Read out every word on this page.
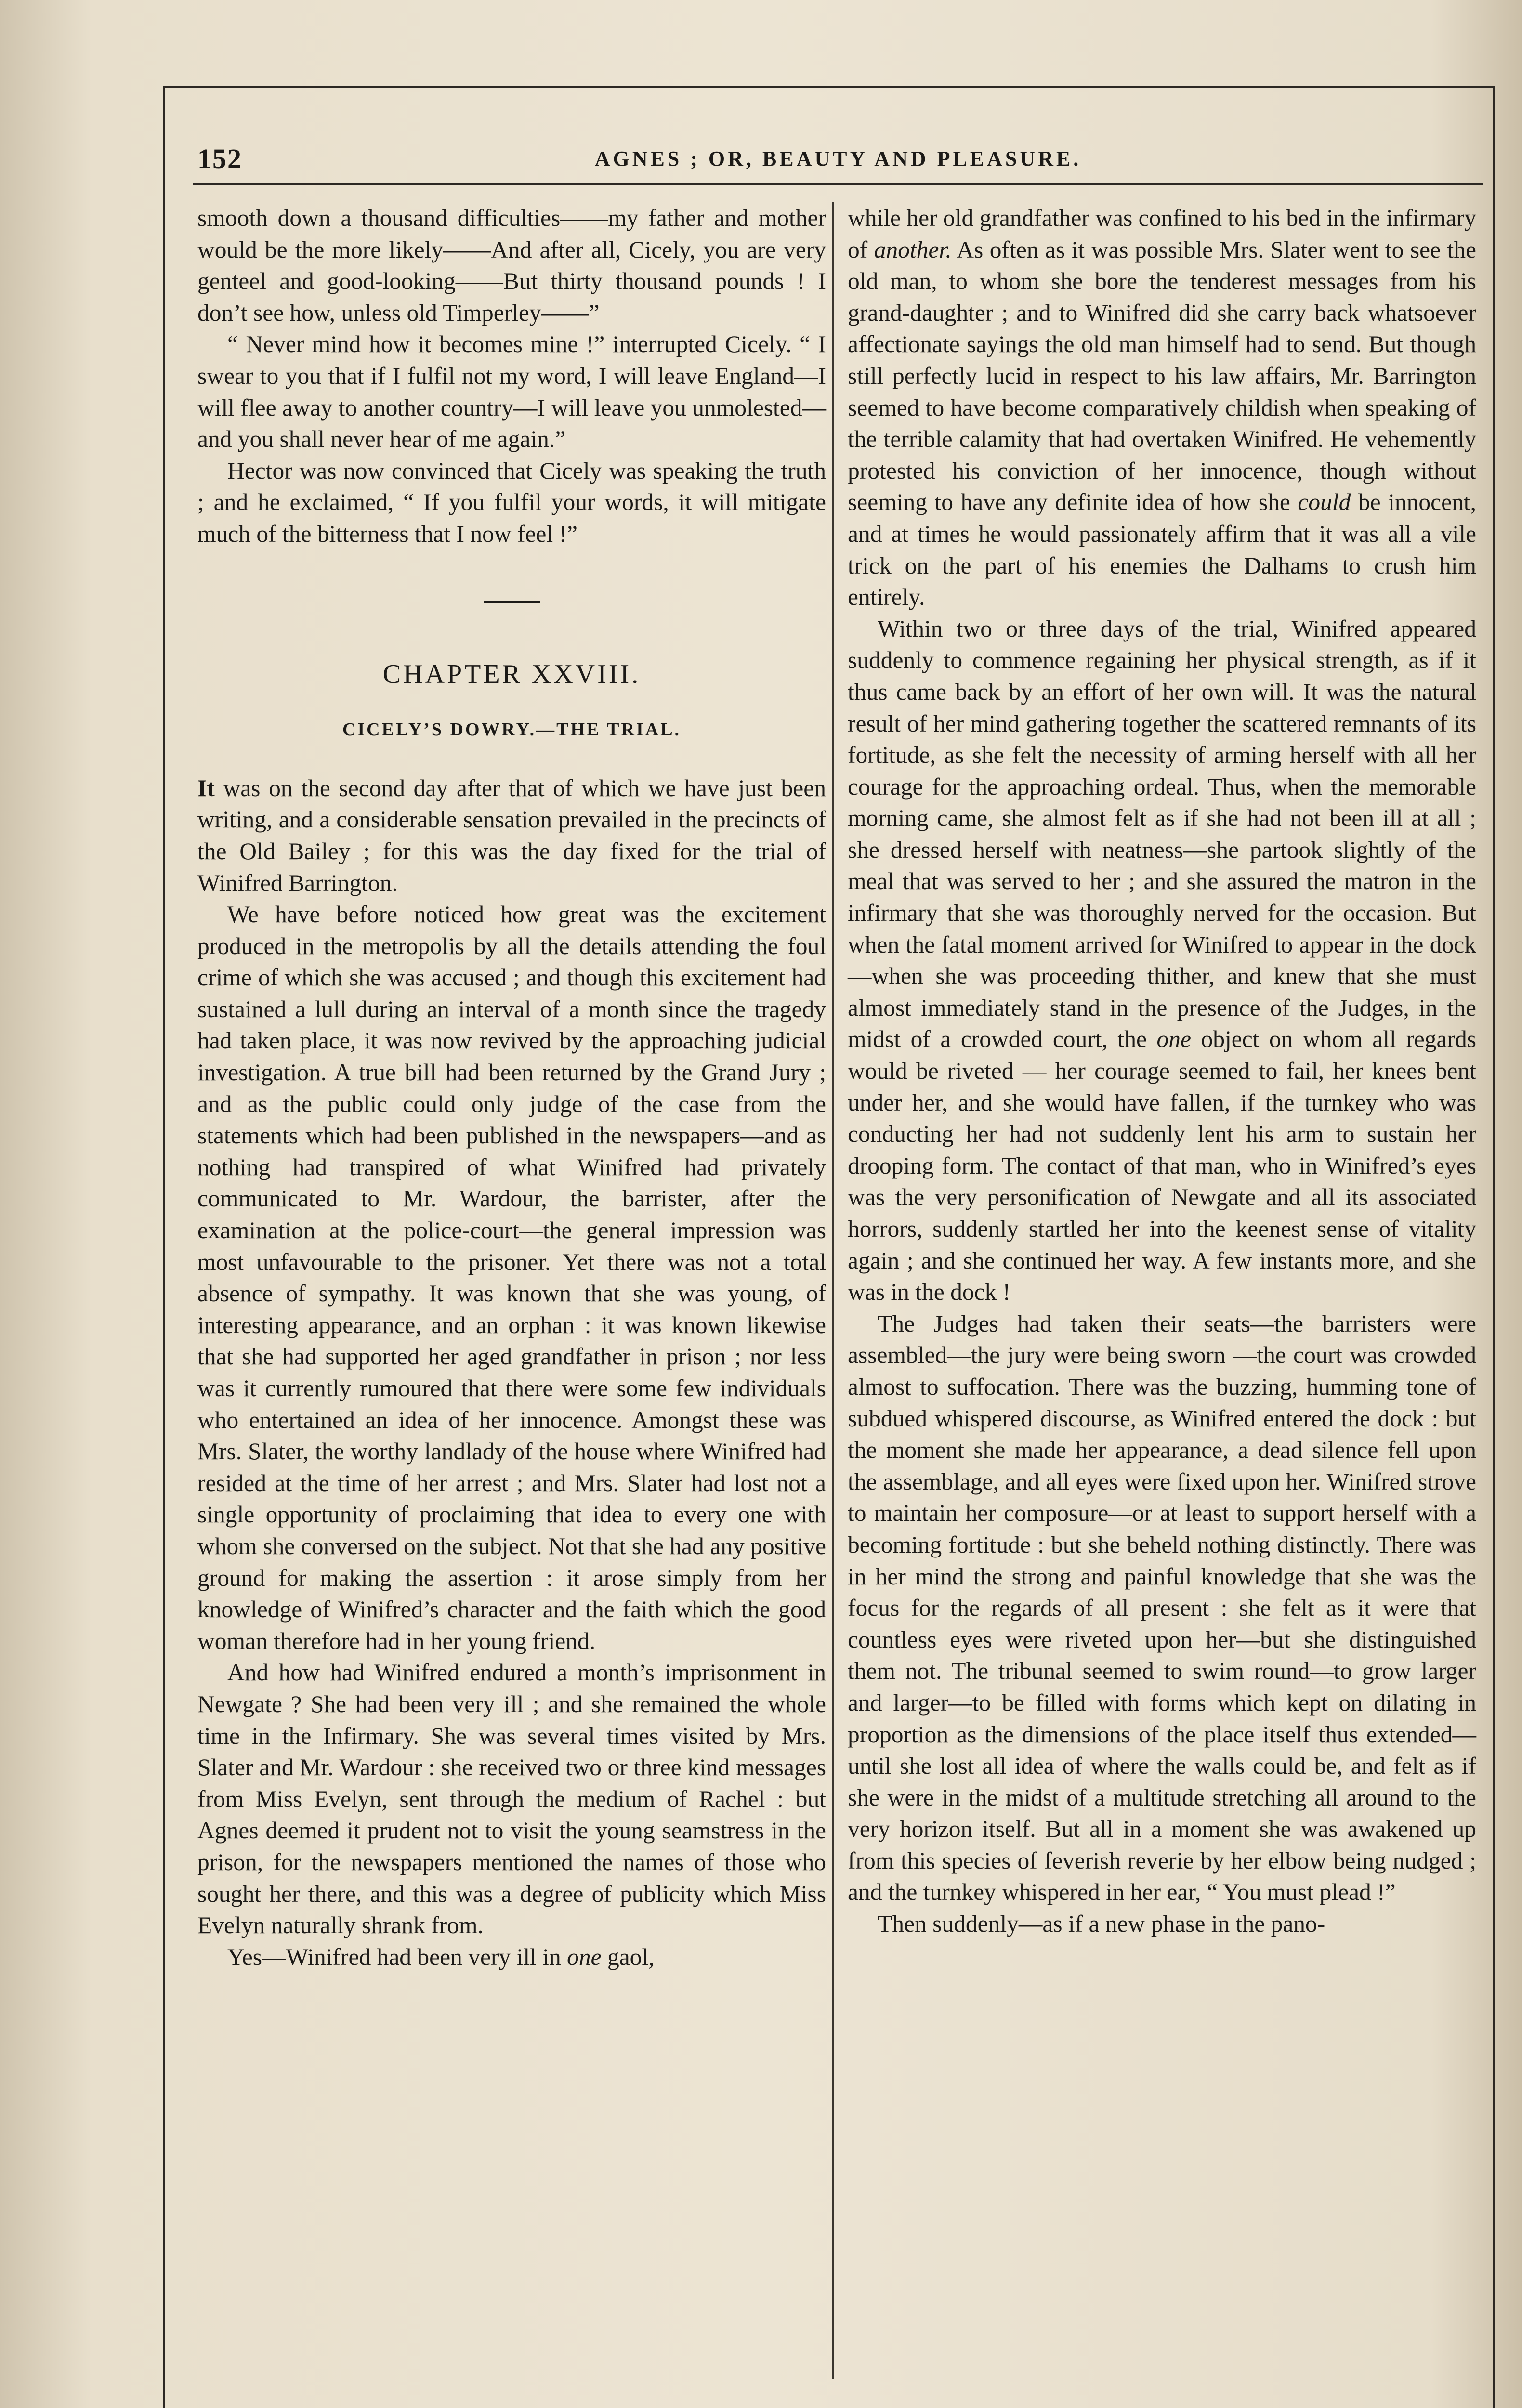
152	AGNES ; OR, BEAUTY AND PLEASURE.

smooth down a thousand difficulties——my father and mother would be the more likely——And after all, Cicely, you are very genteel and good-looking——But thirty thousand pounds ! I don’t see how, unless old Timperley——”

“ Never mind how it becomes mine !” interrupted Cicely. “ I swear to you that if I fulfil not my word, I will leave England—I will flee away to another country—I will leave you unmolested—and you shall never hear of me again.”

Hector was now convinced that Cicely was speaking the truth ; and he exclaimed, “ If you fulfil your words, it will mitigate much of the bitterness that I now feel !”

CHAPTER XXVIII.
CICELY’S DOWRY.—THE TRIAL.

It was on the second day after that of which we have just been writing, and a considerable sensation prevailed in the precincts of the Old Bailey ; for this was the day fixed for the trial of Winifred Barrington.

We have before noticed how great was the excitement produced in the metropolis by all the details attending the foul crime of which she was accused ; and though this excitement had sustained a lull during an interval of a month since the tragedy had taken place, it was now revived by the approaching judicial investigation. A true bill had been returned by the Grand Jury ; and as the public could only judge of the case from the statements which had been published in the newspapers—and as nothing had transpired of what Winifred had privately communicated to Mr. Wardour, the barrister, after the examination at the police-court—the general impression was most unfavourable to the prisoner. Yet there was not a total absence of sympathy. It was known that she was young, of interesting appearance, and an orphan : it was known likewise that she had supported her aged grandfather in prison ; nor less was it currently rumoured that there were some few individuals who entertained an idea of her innocence. Amongst these was Mrs. Slater, the worthy landlady of the house where Winifred had resided at the time of her arrest ; and Mrs. Slater had lost not a single opportunity of proclaiming that idea to every one with whom she conversed on the subject. Not that she had any positive ground for making the assertion : it arose simply from her knowledge of Winifred’s character and the faith which the good woman therefore had in her young friend.

And how had Winifred endured a month’s imprisonment in Newgate ? She had been very ill ; and she remained the whole time in the Infirmary. She was several times visited by Mrs. Slater and Mr. Wardour : she received two or three kind messages from Miss Evelyn, sent through the medium of Rachel : but Agnes deemed it prudent not to visit the young seamstress in the prison, for the newspapers mentioned the names of those who sought her there, and this was a degree of publicity which Miss Evelyn naturally shrank from.

Yes—Winifred had been very ill in one gaol,

while her old grandfather was confined to his bed in the infirmary of another. As often as it was possible Mrs. Slater went to see the old man, to whom she bore the tenderest messages from his grand-daughter ; and to Winifred did she carry back whatsoever affectionate sayings the old man himself had to send. But though still perfectly lucid in respect to his law affairs, Mr. Barrington seemed to have become comparatively childish when speaking of the terrible calamity that had overtaken Winifred. He vehemently protested his conviction of her innocence, though without seeming to have any definite idea of how she could be innocent, and at times he would passionately affirm that it was all a vile trick on the part of his enemies the Dalhams to crush him entirely.

Within two or three days of the trial, Winifred appeared suddenly to commence regaining her physical strength, as if it thus came back by an effort of her own will. It was the natural result of her mind gathering together the scattered remnants of its fortitude, as she felt the necessity of arming herself with all her courage for the approaching ordeal. Thus, when the memorable morning came, she almost felt as if she had not been ill at all ; she dressed herself with neatness—she partook slightly of the meal that was served to her ; and she assured the matron in the infirmary that she was thoroughly nerved for the occasion. But when the fatal moment arrived for Winifred to appear in the dock—when she was proceeding thither, and knew that she must almost immediately stand in the presence of the Judges, in the midst of a crowded court, the one object on whom all regards would be riveted — her courage seemed to fail, her knees bent under her, and she would have fallen, if the turnkey who was conducting her had not suddenly lent his arm to sustain her drooping form. The contact of that man, who in Winifred’s eyes was the very personification of Newgate and all its associated horrors, suddenly startled her into the keenest sense of vitality again ; and she continued her way. A few instants more, and she was in the dock !

The Judges had taken their seats—the barristers were assembled—the jury were being sworn —the court was crowded almost to suffocation. There was the buzzing, humming tone of subdued whispered discourse, as Winifred entered the dock : but the moment she made her appearance, a dead silence fell upon the assemblage, and all eyes were fixed upon her. Winifred strove to maintain her composure—or at least to support herself with a becoming fortitude : but she beheld nothing distinctly. There was in her mind the strong and painful knowledge that she was the focus for the regards of all present : she felt as it were that countless eyes were riveted upon her—but she distinguished them not. The tribunal seemed to swim round—to grow larger and larger—to be filled with forms which kept on dilating in proportion as the dimensions of the place itself thus extended—until she lost all idea of where the walls could be, and felt as if she were in the midst of a multitude stretching all around to the very horizon itself. But all in a moment she was awakened up from this species of feverish reverie by her elbow being nudged ; and the turnkey whispered in her ear, “ You must plead !”

Then suddenly—as if a new phase in the pano-
